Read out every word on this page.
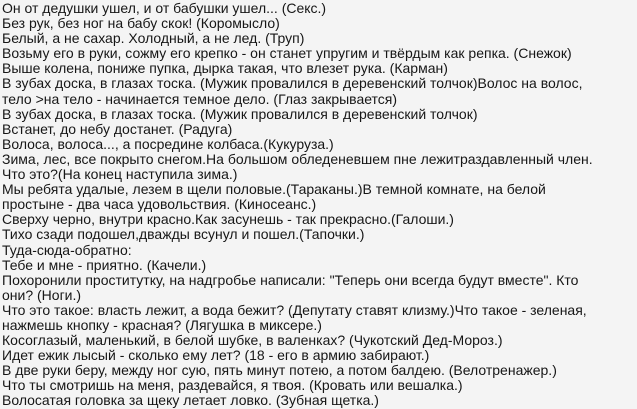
Он от дедушки ушел, и от бабушки ушел... (Секс.)
Без рук, без ног на бабу скок! (Коромысло)
Белый, а не сахар. Холодный, а не лед. (Труп)
Возьму его в руки, сожму его крепко - он станет упругим и твёрдым как репка. (Снежок)
Выше колена, пониже пупка, дырка такая, что влезет рука. (Карман)
В зубах доска, в глазах тоска. (Мужик провалился в деревенский толчок)Волос на волос,
тело >на тело - начинается темное дело. (Глаз закрывается)
В зубах доска, в глазах тоска. (Мужик провалился в деревенский толчок)
Встанет, до небу достанет. (Радуга)
Волоса, волоса..., а посредине колбаса.(Кукуруза.)
Зима, лес, все покрыто снегом.На большом обледеневшем пне лежитраздавленный член.
Что это?(На конец наступила зима.)
Мы ребята удалые, лезем в щели половые.(Тараканы.)В темной комнате, на белой
простыне - два часа удовольствия. (Киносеанс.)
Сверху черно, внутри красно.Как засунешь - так прекрасно.(Галоши.)
Тихо сзади подошел,дважды всунул и пошел.(Тапочки.)
Туда-сюда-обратно:
Тебе и мне - приятно. (Качели.)
Похоронили проститутку, на надгробье написали: "Теперь они всегда будут вместе". Кто
они? (Ноги.)
Что это такое: власть лежит, а вода бежит? (Депутату ставят клизму.)Что такое - зеленая,
нажмешь кнопку - красная? (Лягушка в миксере.)
Косоглазый, маленький, в белой шубке, в валенках? (Чукотский Дед-Мороз.)
Идет ежик лысый - сколько ему лет? (18 - его в армию забирают.)
В две руки беру, между ног сую, пять минут потею, а потом балдею. (Велотренажер.)
Что ты смотришь на меня, раздевайся, я твоя. (Кровать или вешалка.)
Волосатая головка за щеку летает ловко. (Зубная щетка.)
